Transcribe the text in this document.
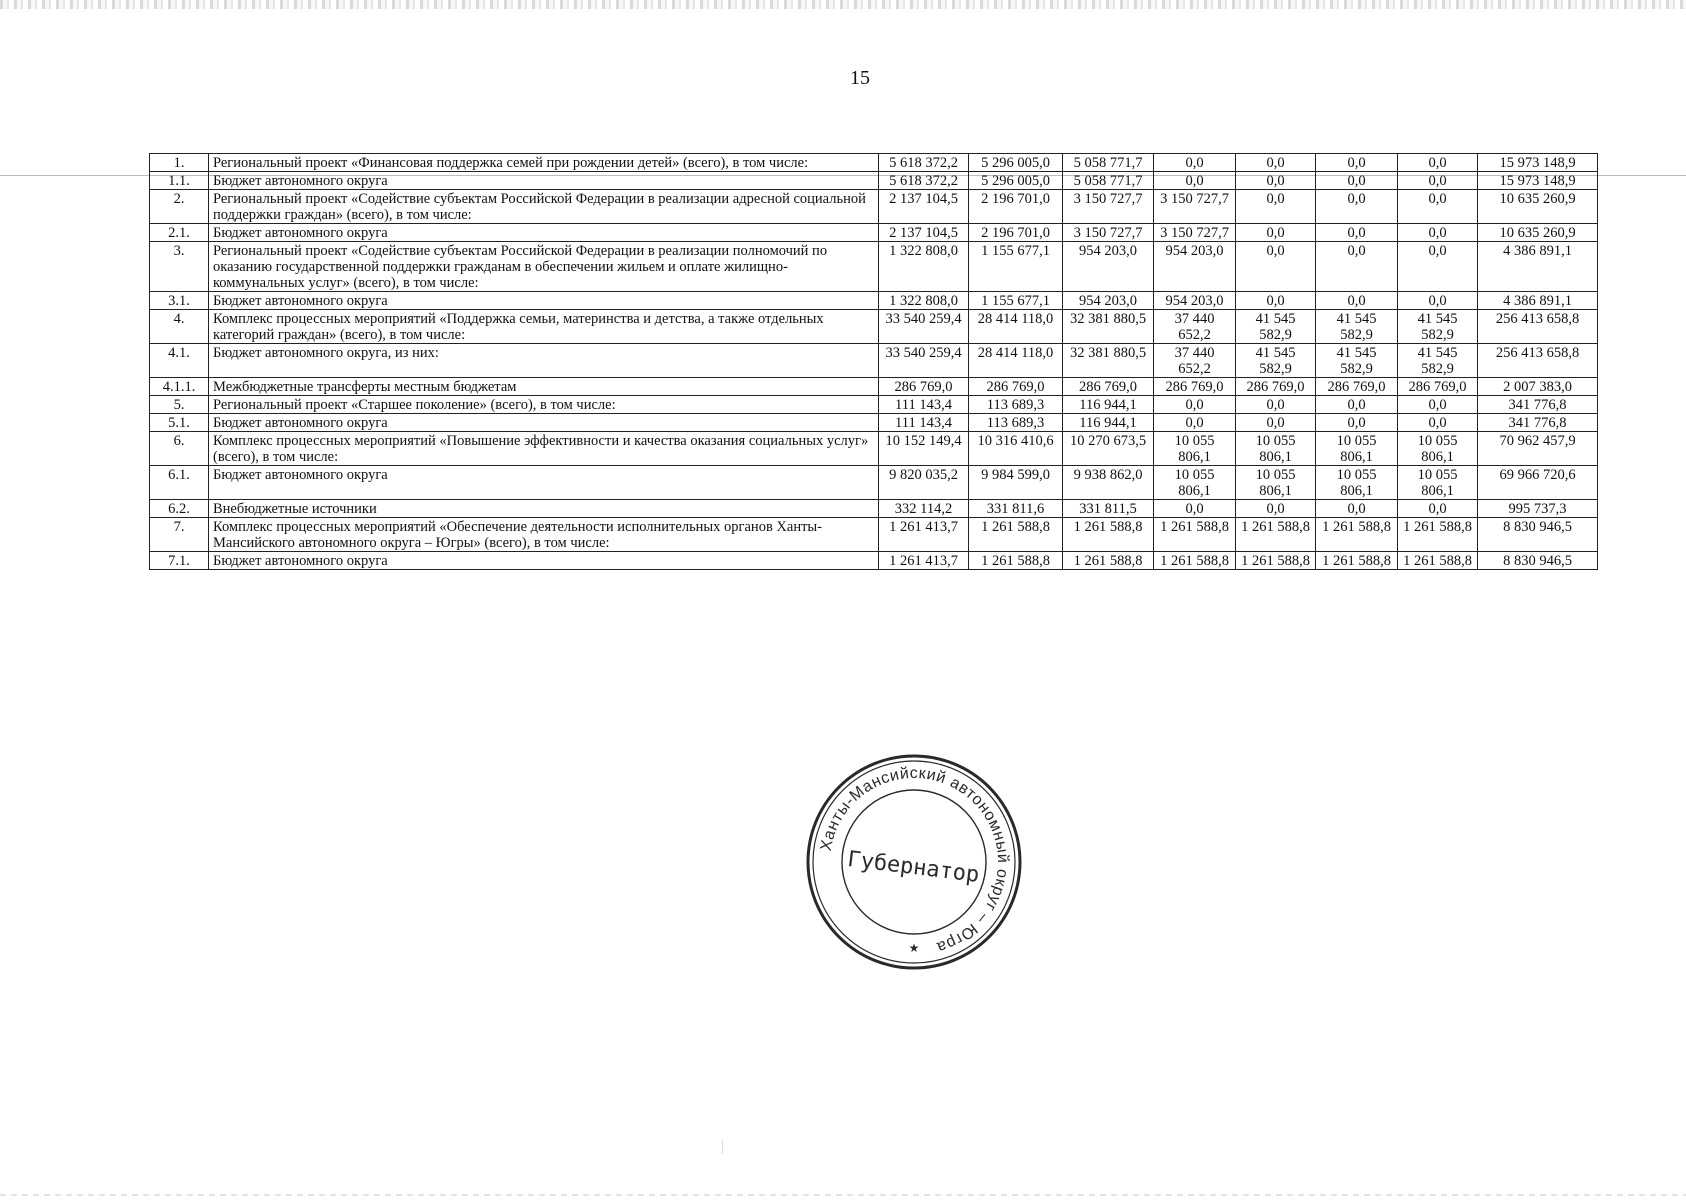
15
1.	Региональный проект «Финансовая поддержка семей при рождении детей» (всего), в том числе:	5 618 372,2	5 296 005,0	5 058 771,7	0,0	0,0	0,0	0,0	15 973 148,9
1.1.	Бюджет автономного округа	5 618 372,2	5 296 005,0	5 058 771,7	0,0	0,0	0,0	0,0	15 973 148,9
2.	Региональный проект «Содействие субъектам Российской Федерации в реализации адресной социальной поддержки граждан» (всего), в том числе:	2 137 104,5	2 196 701,0	3 150 727,7	3 150 727,7	0,0	0,0	0,0	10 635 260,9
2.1.	Бюджет автономного округа	2 137 104,5	2 196 701,0	3 150 727,7	3 150 727,7	0,0	0,0	0,0	10 635 260,9
3.	Региональный проект «Содействие субъектам Российской Федерации в реализации полномочий по оказанию государственной поддержки гражданам в обеспечении жильем и оплате жилищно-коммунальных услуг» (всего), в том числе:	1 322 808,0	1 155 677,1	954 203,0	954 203,0	0,0	0,0	0,0	4 386 891,1
3.1.	Бюджет автономного округа	1 322 808,0	1 155 677,1	954 203,0	954 203,0	0,0	0,0	0,0	4 386 891,1
4.	Комплекс процессных мероприятий «Поддержка семьи, материнства и детства, а также отдельных категорий граждан» (всего), в том числе:	33 540 259,4	28 414 118,0	32 381 880,5	37 440 652,2	41 545 582,9	41 545 582,9	41 545 582,9	256 413 658,8
4.1.	Бюджет автономного округа, из них:	33 540 259,4	28 414 118,0	32 381 880,5	37 440 652,2	41 545 582,9	41 545 582,9	41 545 582,9	256 413 658,8
4.1.1.	Межбюджетные трансферты местным бюджетам	286 769,0	286 769,0	286 769,0	286 769,0	286 769,0	286 769,0	286 769,0	2 007 383,0
5.	Региональный проект «Старшее поколение» (всего), в том числе:	111 143,4	113 689,3	116 944,1	0,0	0,0	0,0	0,0	341 776,8
5.1.	Бюджет автономного округа	111 143,4	113 689,3	116 944,1	0,0	0,0	0,0	0,0	341 776,8
6.	Комплекс процессных мероприятий «Повышение эффективности и качества оказания социальных услуг» (всего), в том числе:	10 152 149,4	10 316 410,6	10 270 673,5	10 055 806,1	10 055 806,1	10 055 806,1	10 055 806,1	70 962 457,9
6.1.	Бюджет автономного округа	9 820 035,2	9 984 599,0	9 938 862,0	10 055 806,1	10 055 806,1	10 055 806,1	10 055 806,1	69 966 720,6
6.2.	Внебюджетные источники	332 114,2	331 811,6	331 811,5	0,0	0,0	0,0	0,0	995 737,3
7.	Комплекс процессных мероприятий «Обеспечение деятельности исполнительных органов Ханты-Мансийского автономного округа – Югры» (всего), в том числе:	1 261 413,7	1 261 588,8	1 261 588,8	1 261 588,8	1 261 588,8	1 261 588,8	1 261 588,8	8 830 946,5
7.1.	Бюджет автономного округа	1 261 413,7	1 261 588,8	1 261 588,8	1 261 588,8	1 261 588,8	1 261 588,8	1 261 588,8	8 830 946,5
Ханты-Мансийский автономный округ – Югра
Губернатор
★
